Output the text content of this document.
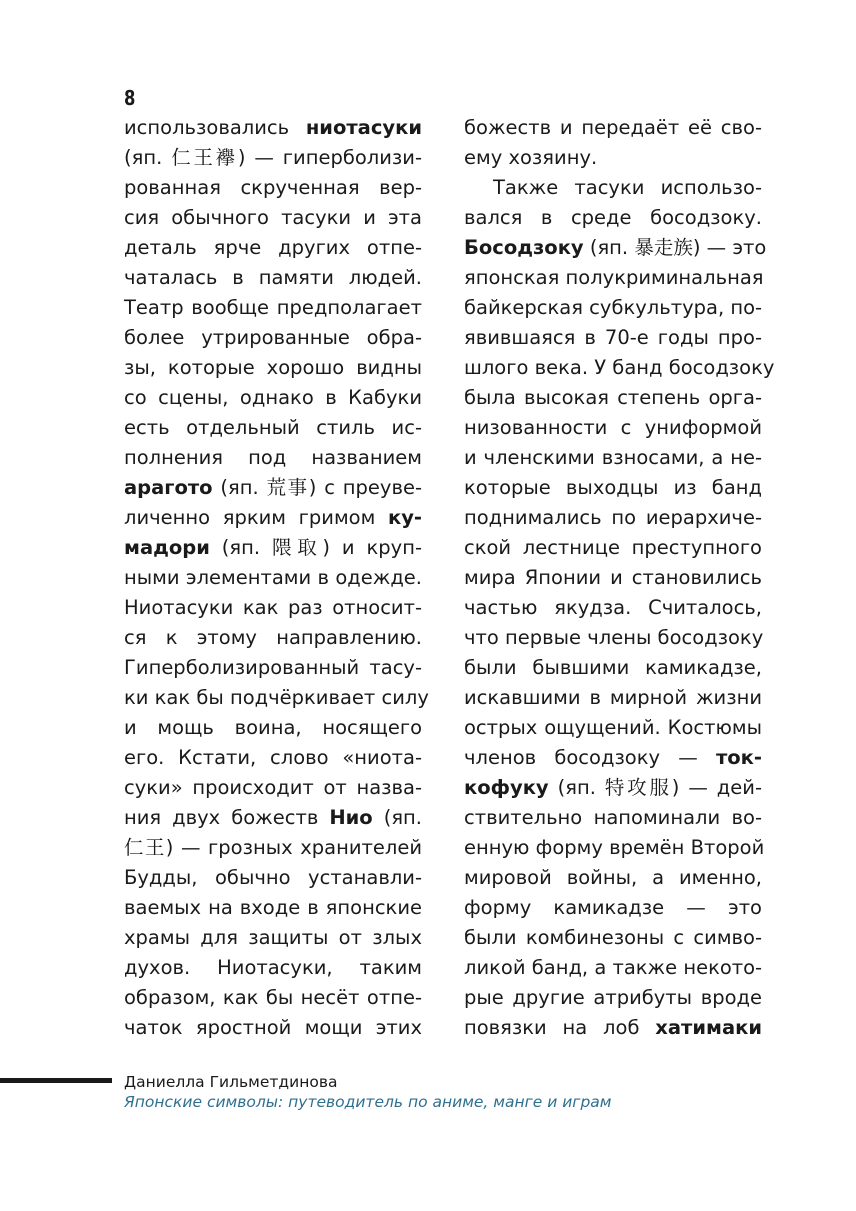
8
использовались ниотасуки
(яп. 仁王襷) — гиперболизи-
рованная скрученная вер-
сия обычного тасуки и эта
деталь ярче других отпе-
чаталась в памяти людей.
Театр вообще предполагает
более утрированные обра-
зы, которые хорошо видны
со сцены, однако в Кабуки
есть отдельный стиль ис-
полнения под названием
арагото (яп. 荒事) с преуве-
личенно ярким гримом ку-
мадори (яп. 隈取) и круп-
ными элементами в одежде.
Ниотасуки как раз относит-
ся к этому направлению.
Гиперболизированный тасу-
ки как бы подчёркивает силу
и мощь воина, носящего
его. Кстати, слово «ниота-
суки» происходит от назва-
ния двух божеств Нио (яп.
仁王) — грозных хранителей
Будды, обычно устанавли-
ваемых на входе в японские
храмы для защиты от злых
духов. Ниотасуки, таким
образом, как бы несёт отпе-
чаток яростной мощи этих
божеств и передаёт её сво-
ему хозяину.
Также тасуки использо-
вался в среде босодзоку.
Босодзоку (яп. 暴走族) — это
японская полукриминальная
байкерская субкультура, по-
явившаяся в 70-е годы про-
шлого века. У банд босодзоку
была высокая степень орга-
низованности с униформой
и членскими взносами, а не-
которые выходцы из банд
поднимались по иерархиче-
ской лестнице преступного
мира Японии и становились
частью якудза. Считалось,
что первые члены босодзоку
были бывшими камикадзе,
искавшими в мирной жизни
острых ощущений. Костюмы
членов босодзоку — ток-
кофуку (яп. 特攻服) — дей-
ствительно напоминали во-
енную форму времён Второй
мировой войны, а именно,
форму камикадзе — это
были комбинезоны с симво-
ликой банд, а также некото-
рые другие атрибуты вроде
повязки на лоб хатимаки
Даниелла Гильметдинова
Японские символы: путеводитель по аниме, манге и играм
